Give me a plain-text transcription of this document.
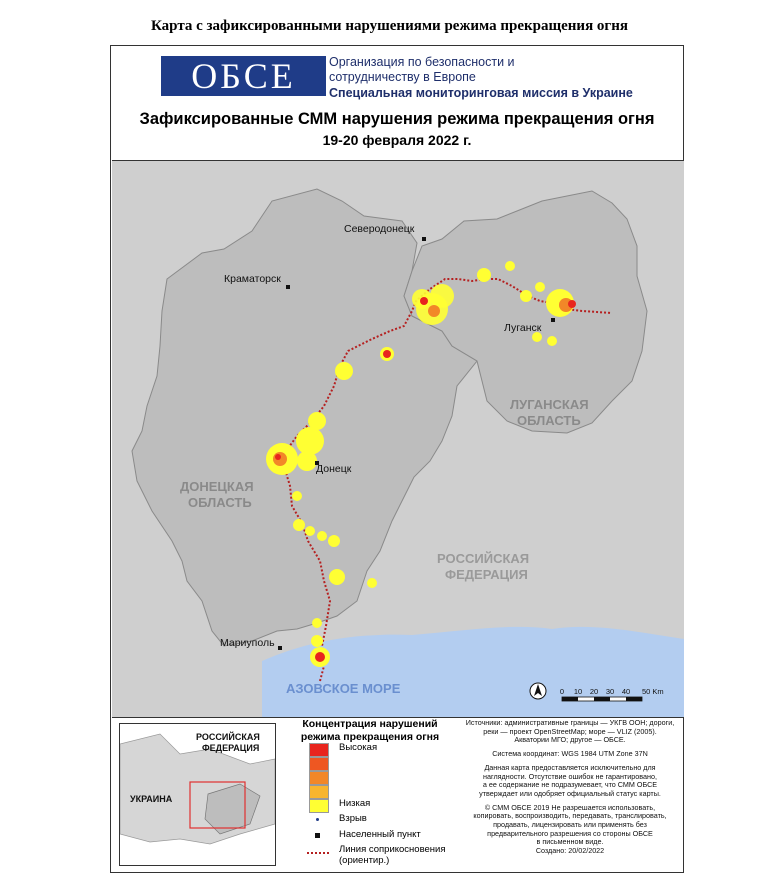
Карта с зафиксированными нарушениями режима прекращения огня
ОБСЕ	Организация по безопасности и
сотрудничеству в Европе
Специальная мониторинговая миссия в Украине
Зафиксированные СММ нарушения режима прекращения огня
19-20 февраля 2022 г.
Северодонецк
Краматорск
Луганск
Донецк
Мариуполь
ЛУГАНСКАЯ
ОБЛАСТЬ
ДОНЕЦКАЯ
ОБЛАСТЬ
РОССИЙСКАЯ
ФЕДЕРАЦИЯ
АЗОВСКОЕ МОРЕ	0 10 20 30 40 50 Km
РОССИЙСКАЯ
ФЕДЕРАЦИЯ
УКРАИНА
Концентрация нарушений
режима прекращения огня
Высокая
Низкая
Взрыв
Населенный пункт
Линия соприкосновения
(ориентир.)

Источники: административные границы — УКГВ ООН; дороги,
реки — проект OpenStreetMap; море — VLIZ (2005).
Акватории МГО; другое — ОБСЕ.

Система координат: WGS 1984 UTM Zone 37N

Данная карта предоставляется исключительно для
наглядности. Отсутствие ошибок не гарантировано,
а ее содержание не подразумевает, что СММ ОБСЕ
утверждает или одобряет официальный статус карты.

© СММ ОБСЕ 2019 Не разрешается использовать,
копировать, воспроизводить, передавать, транслировать,
продавать, лицензировать или применять без
предварительного разрешения со стороны ОБСЕ
в письменном виде.
Создано: 20/02/2022
